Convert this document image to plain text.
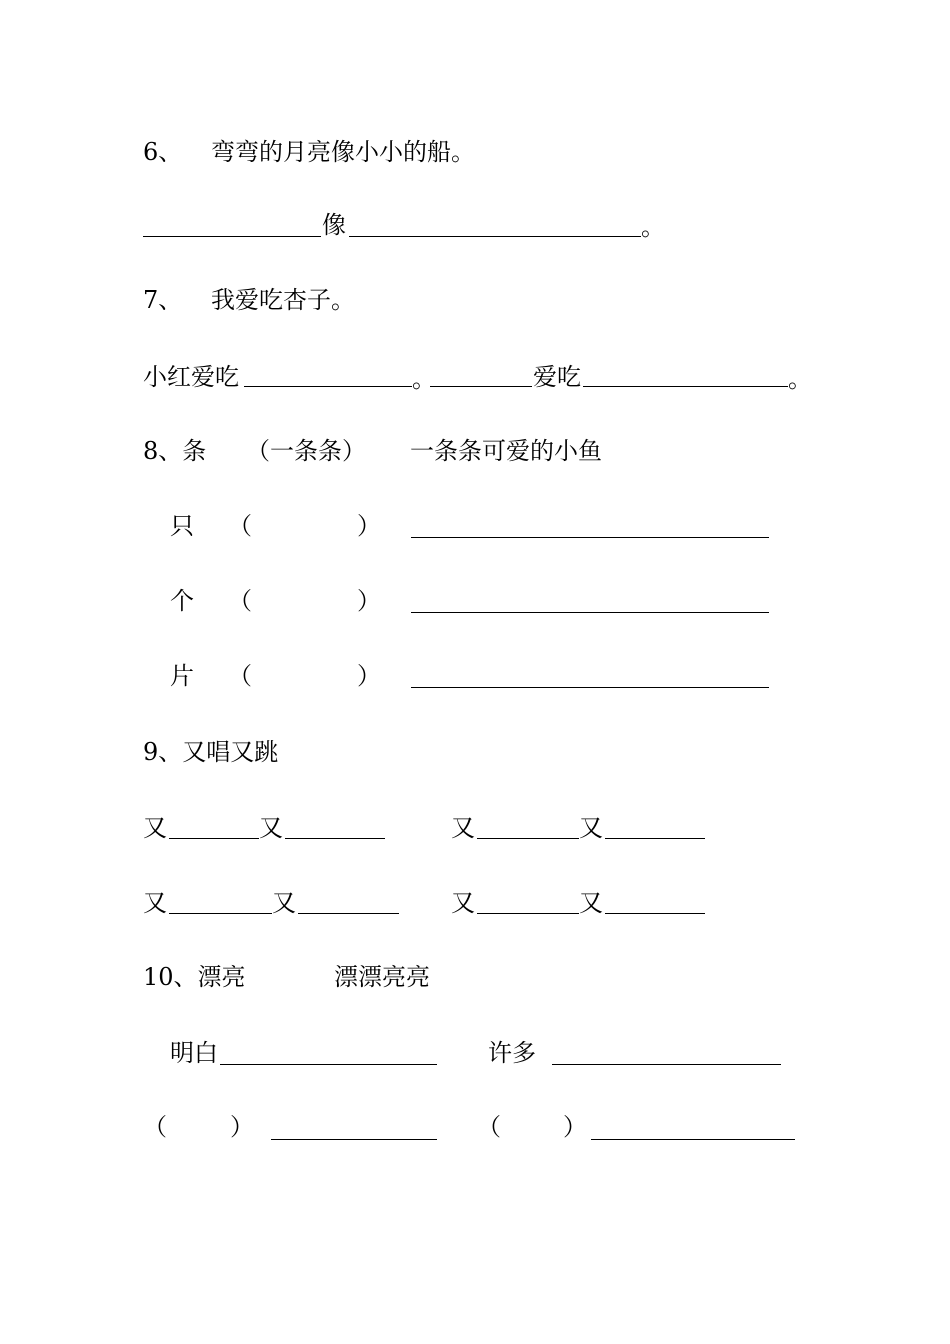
6、 弯弯的月亮像小小的船。
像	。
7、 我爱吃杏子。
小红爱吃	。	爱吃	。
8、条 （一条条） 一条条可爱的小鱼
只 （	）
个 （	）
片 （	）
9、又唱又跳
又	又	又	又
又	又	又	又
10、漂亮	漂漂亮亮
明白	许多
（	）	（	）
